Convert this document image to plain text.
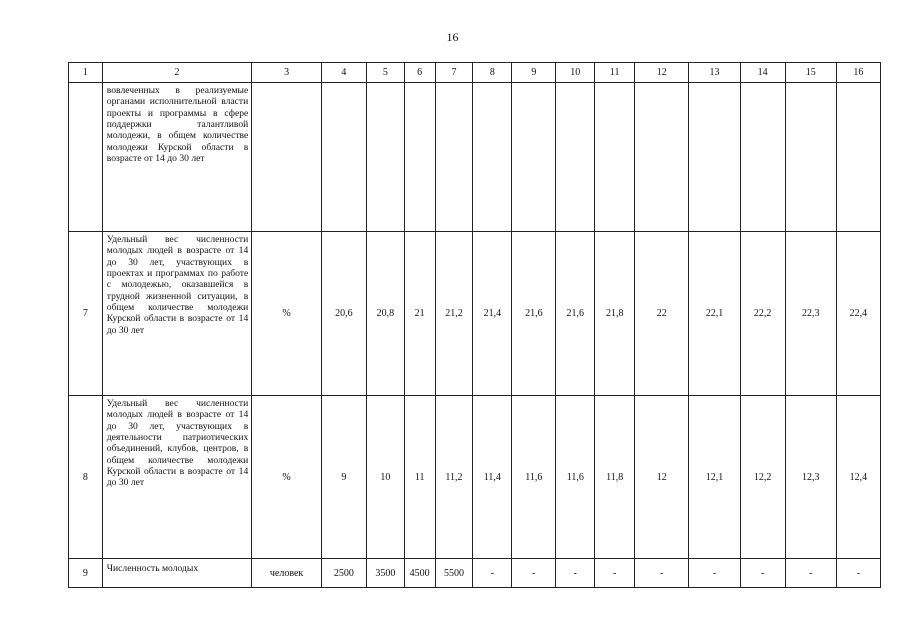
16
1	2	3	4	5	6	7	8	9	10	11	12	13	14	15	16
	вовлеченных в реализуемые органами исполнительной власти проекты и программы в сфере поддержки талантливой молодежи, в общем количестве молодежи Курской области в возрасте от 14 до 30 лет														
7	Удельный вес численности молодых людей в возрасте от 14 до 30 лет, участвующих в проектах и программах по работе с молодежью, оказавшейся в трудной жизненной ситуации, в общем количестве молодежи Курской области в возрасте от 14 до 30 лет	%	20,6	20,8	21	21,2	21,4	21,6	21,6	21,8	22	22,1	22,2	22,3	22,4
8	Удельный вес численности молодых людей в возрасте от 14 до 30 лет, участвующих в деятельности патриотических объединений, клубов, центров, в общем количестве молодежи Курской области в возрасте от 14 до 30 лет	%	9	10	11	11,2	11,4	11,6	11,6	11,8	12	12,1	12,2	12,3	12,4
9	Численность молодых	человек	2500	3500	4500	5500	-	-	-	-	-	-	-	-	-
